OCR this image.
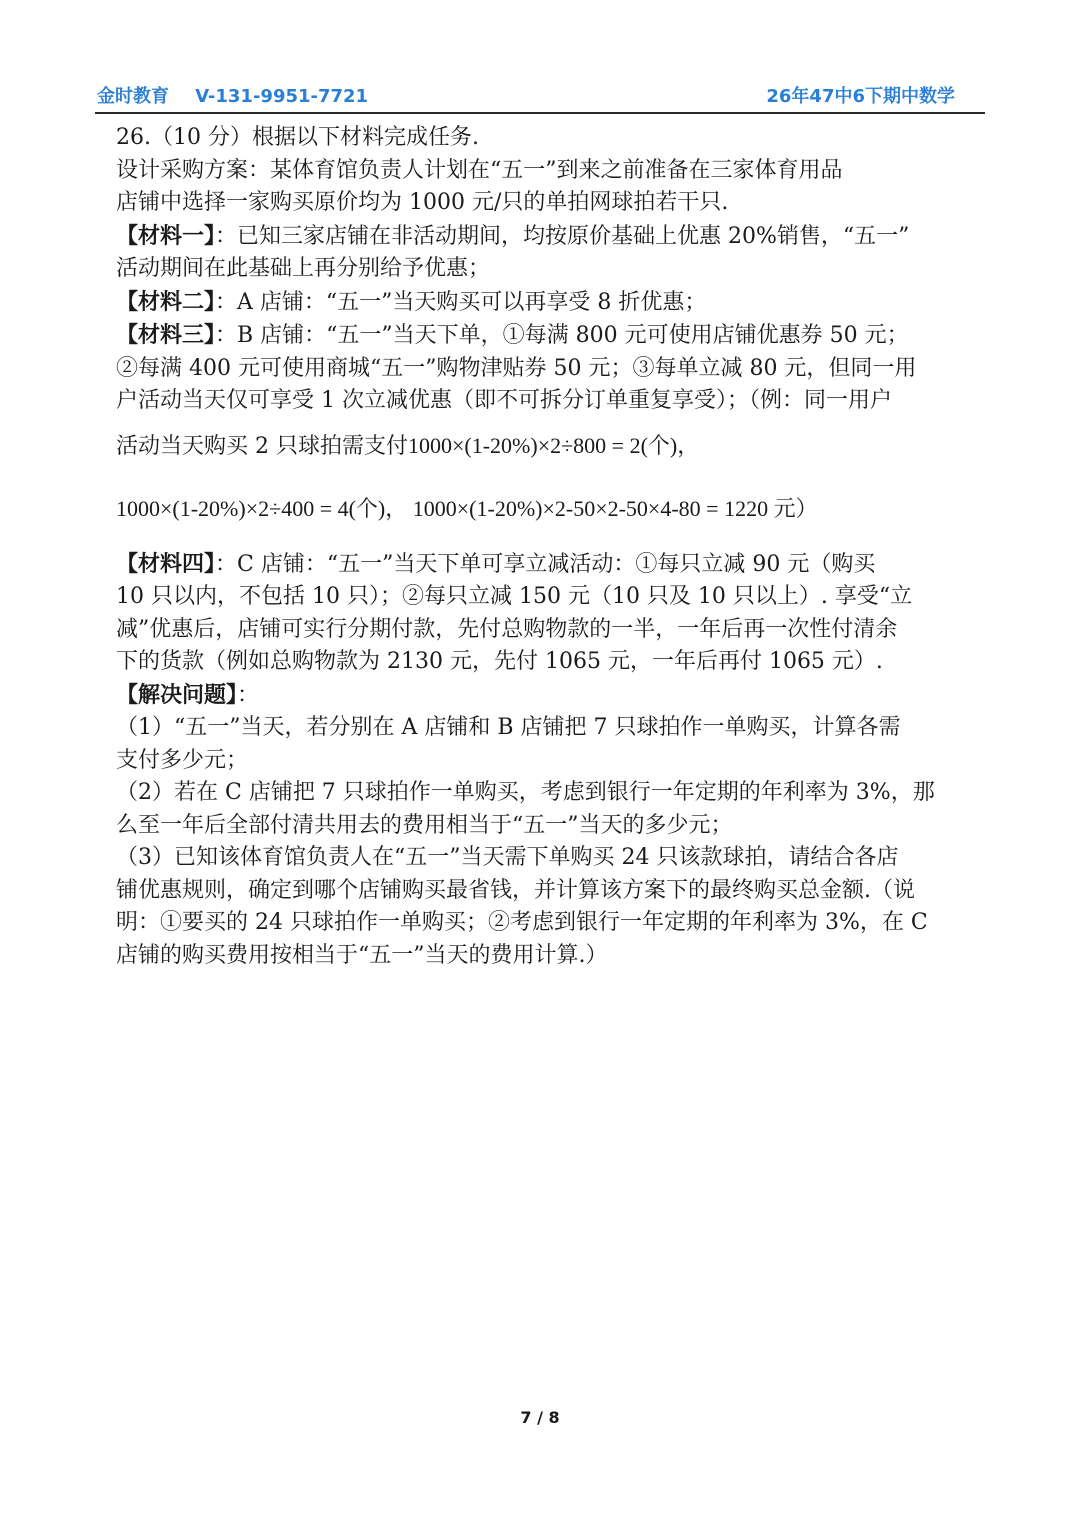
金时教育 V-131-9951-7721	26年47中6下期中数学
26.（10 分）根据以下材料完成任务.
设计采购方案：某体育馆负责人计划在“五一”到来之前准备在三家体育用品
店铺中选择一家购买原价均为 1000 元/只的单拍网球拍若干只.
【材料一】：已知三家店铺在非活动期间，均按原价基础上优惠 20%销售，“五一”
活动期间在此基础上再分别给予优惠；
【材料二】：A 店铺：“五一”当天购买可以再享受 8 折优惠；
【材料三】：B 店铺：“五一”当天下单，①每满 800 元可使用店铺优惠券 50 元；
②每满 400 元可使用商城“五一”购物津贴券 50 元；③每单立减 80 元，但同一用
户活动当天仅可享受 1 次立减优惠（即不可拆分订单重复享受）；（例：同一用户
活动当天购买 2 只球拍需支付1000×(1-20%)×2÷800 = 2(个)，
1000×(1-20%)×2÷400 = 4(个)， 1000×(1-20%)×2-50×2-50×4-80 = 1220 元）
【材料四】：C 店铺：“五一”当天下单可享立减活动：①每只立减 90 元（购买
10 只以内，不包括 10 只）；②每只立减 150 元（10 只及 10 只以上）. 享受“立
减”优惠后，店铺可实行分期付款，先付总购物款的一半，一年后再一次性付清余
下的货款（例如总购物款为 2130 元，先付 1065 元，一年后再付 1065 元）.
【解决问题】：
（1）“五一”当天，若分别在 A 店铺和 B 店铺把 7 只球拍作一单购买，计算各需
支付多少元；
（2）若在 C 店铺把 7 只球拍作一单购买，考虑到银行一年定期的年利率为 3%，那
么至一年后全部付清共用去的费用相当于“五一”当天的多少元；
（3）已知该体育馆负责人在“五一”当天需下单购买 24 只该款球拍，请结合各店
铺优惠规则，确定到哪个店铺购买最省钱，并计算该方案下的最终购买总金额.（说
明：①要买的 24 只球拍作一单购买；②考虑到银行一年定期的年利率为 3%，在 C
店铺的购买费用按相当于“五一”当天的费用计算.）
7 / 8
